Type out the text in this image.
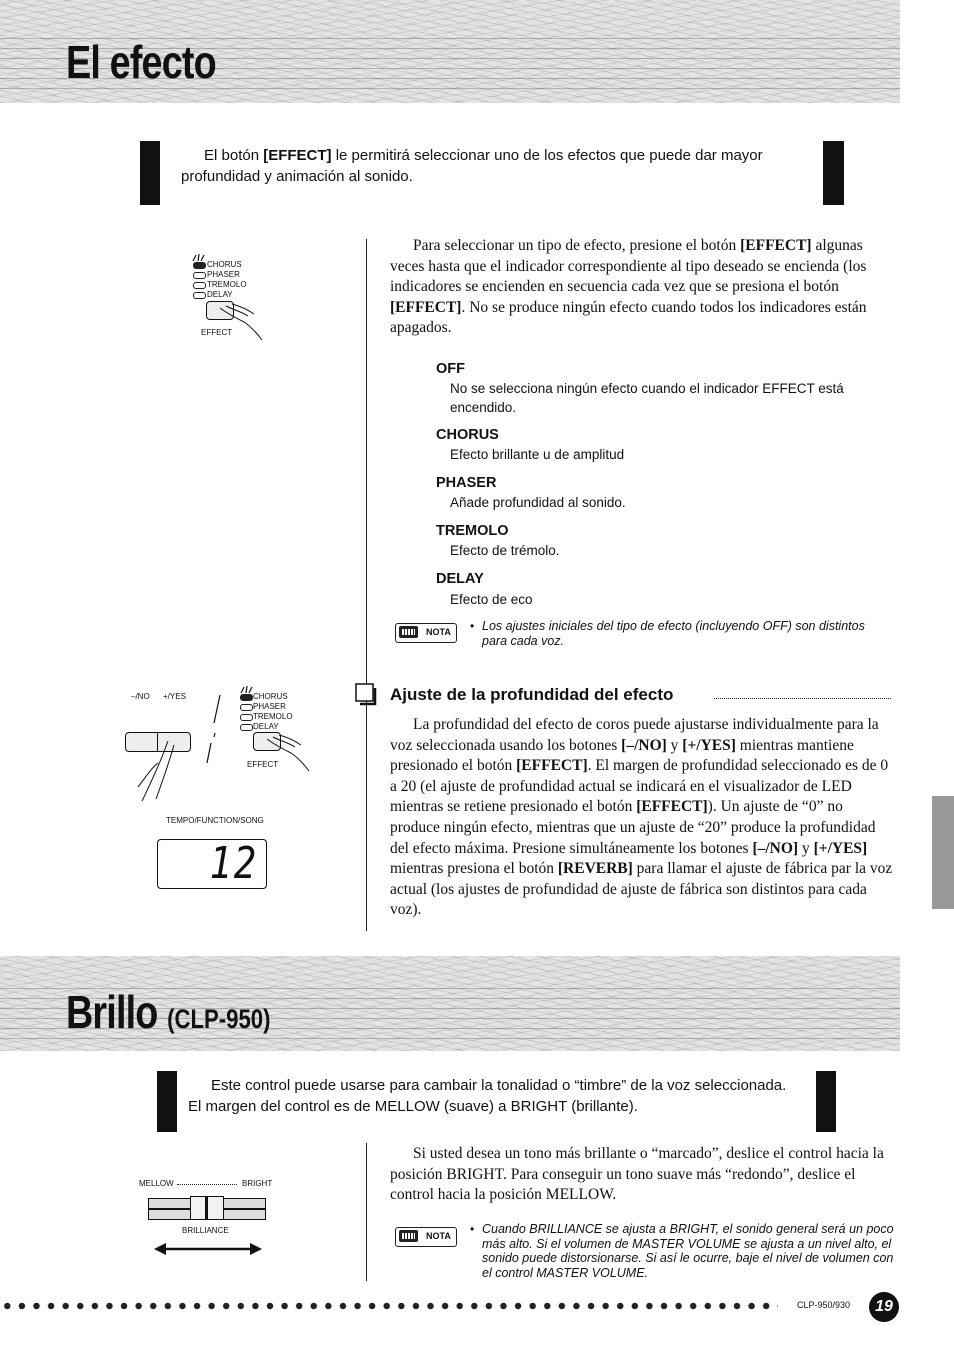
El efecto
El botón [EFFECT] le permitirá seleccionar uno de los efectos que puede dar mayor profundidad y animación al sonido.
CHORUS
PHASER
TREMOLO
DELAY
EFFECT
Para seleccionar un tipo de efecto, presione el botón [EFFECT] algunas veces hasta que el indicador correspondiente al tipo deseado se encienda (los indicadores se encienden en secuencia cada vez que se presiona el botón [EFFECT]. No se produce ningún efecto cuando todos los indicadores están apagados.
OFF
No se selecciona ningún efecto cuando el indicador EFFECT está encendido.
CHORUS
Efecto brillante u de amplitud
PHASER
Añade profundidad al sonido.
TREMOLO
Efecto de trémolo.
DELAY
Efecto de eco
NOTA • Los ajustes iniciales del tipo de efecto (incluyendo OFF) son distintos para cada voz.
Ajuste de la profundidad del efecto
La profundidad del efecto de coros puede ajustarse individualmente para la voz seleccionada usando los botones [–/NO] y [+/YES] mientras mantiene presionado el botón [EFFECT]. El margen de profundidad seleccionado es de 0 a 20 (el ajuste de profundidad actual se indicará en el visualizador de LED mientras se retiene presionado el botón [EFFECT]). Un ajuste de “0” no produce ningún efecto, mientras que un ajuste de “20” produce la profundidad del efecto máxima. Presione simultáneamente los botones [–/NO] y [+/YES] mientras presiona el botón [REVERB] para llamar el ajuste de fábrica par la voz actual (los ajustes de profundidad de ajuste de fábrica son distintos para cada voz).
–/NO +/YES	CHORUS
PHASER
TREMOLO
DELAY
EFFECT
TEMPO/FUNCTION/SONG
12
Brillo (CLP-950)
Este control puede usarse para cambair la tonalidad o “timbre” de la voz seleccionada. El margen del control es de MELLOW (suave) a BRIGHT (brillante).
MELLOW	BRIGHT
BRILLIANCE
Si usted desea un tono más brillante o “marcado”, deslice el control hacia la posición BRIGHT. Para conseguir un tono suave más “redondo”, deslice el control hacia la posición MELLOW.
NOTA • Cuando BRILLIANCE se ajusta a BRIGHT, el sonido general será un poco más alto. Si el volumen de MASTER VOLUME se ajusta a un nivel alto, el sonido puede distorsionarse. Si así le ocurre, baje el nivel de volumen con el control MASTER VOLUME.
CLP-950/930	19
